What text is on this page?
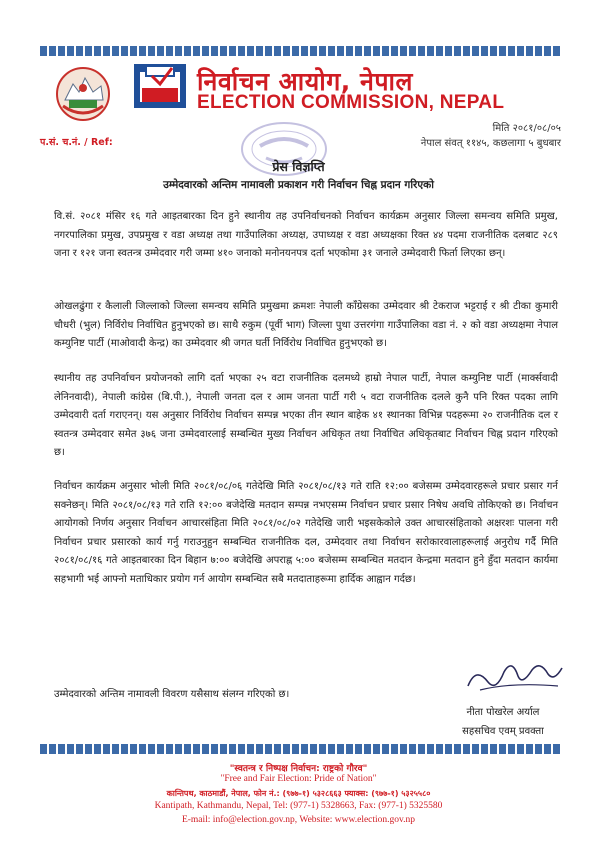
निर्वाचन आयोग, नेपाल
ELECTION COMMISSION, NEPAL
मिति २०८१/०८/०५
प.सं. च.नं. / Ref:	नेपाल संवत् ११४५, कछलागा ५ बुधबार
प्रेस विज्ञप्ति
उम्मेदवारको अन्तिम नामावली प्रकाशन गरी निर्वाचन चिह्न प्रदान गरिएको
वि.सं. २०८१ मंसिर १६ गते आइतबारका दिन हुने स्थानीय तह उपनिर्वाचनको निर्वाचन कार्यक्रम अनुसार जिल्ला समन्वय समिति प्रमुख, नगरपालिका प्रमुख, उपप्रमुख र वडा अध्यक्ष तथा गाउँपालिका अध्यक्ष, उपाध्यक्ष र वडा अध्यक्षका रिक्त ४४ पदमा राजनीतिक दलबाट २८९ जना र १२१ जना स्वतन्त्र उम्मेदवार गरी जम्मा ४१० जनाको मनोनयनपत्र दर्ता भएकोमा ३१ जनाले उम्मेदवारी फिर्ता लिएका छन्।
ओखलढुंगा र कैलाली जिल्लाको जिल्ला समन्वय समिति प्रमुखमा क्रमशः नेपाली काँग्रेसका उम्मेदवार श्री टेकराज भट्टराई र श्री टीका कुमारी चौधरी (भुल) निर्विरोध निर्वाचित हुनुभएको छ। साथै रुकुम (पूर्वी भाग) जिल्ला पुथा उत्तरगंगा गाउँपालिका वडा नं. २ को वडा अध्यक्षमा नेपाल कम्युनिष्ट पार्टी (माओवादी केन्द्र) का उम्मेदवार श्री जगत घर्ती निर्विरोध निर्वाचित हुनुभएको छ।
स्थानीय तह उपनिर्वाचन प्रयोजनको लागि दर्ता भएका २५ वटा राजनीतिक दलमध्ये हाम्रो नेपाल पार्टी, नेपाल कम्युनिष्ट पार्टी (मार्क्सवादी लेनिनवादी), नेपाली कांग्रेस (बि.पी.), नेपाली जनता दल र आम जनता पार्टी गरी ५ वटा राजनीतिक दलले कुनै पनि रिक्त पदका लागि उम्मेदवारी दर्ता गराएनन्। यस अनुसार निर्विरोध निर्वाचन सम्पन्न भएका तीन स्थान बाहेक ४१ स्थानका विभिन्न पदहरूमा २० राजनीतिक दल र स्वतन्त्र उम्मेदवार समेत ३७६ जना उम्मेदवारलाई सम्बन्धित मुख्य निर्वाचन अधिकृत तथा निर्वाचित अधिकृतबाट निर्वाचन चिह्न प्रदान गरिएको छ।
निर्वाचन कार्यक्रम अनुसार भोली मिति २०८१/०८/०६ गतेदेखि मिति २०८१/०८/१३ गते राति १२:०० बजेसम्म उम्मेदवारहरूले प्रचार प्रसार गर्न सक्नेछन्। मिति २०८१/०८/१३ गते राति १२:०० बजेदेखि मतदान सम्पन्न नभएसम्म निर्वाचन प्रचार प्रसार निषेध अवधि तोकिएको छ। निर्वाचन आयोगको निर्णय अनुसार निर्वाचन आचारसंहिता मिति २०८१/०८/०२ गतेदेखि जारी भइसकेकोले उक्त आचारसंहिताको अक्षरशः पालना गरी निर्वाचन प्रचार प्रसारको कार्य गर्नु गराउनुहुन सम्बन्धित राजनीतिक दल, उम्मेदवार तथा निर्वाचन सरोकारवालाहरूलाई अनुरोध गर्दै मिति २०८१/०८/१६ गते आइतबारका दिन बिहान ७:०० बजेदेखि अपराह्न ५:०० बजेसम्म सम्बन्धित मतदान केन्द्रमा मतदान हुने हुँदा मतदान कार्यमा सहभागी भई आफ्नो मताधिकार प्रयोग गर्न आयोग सम्बन्धित सबै मतदाताहरूमा हार्दिक आह्वान गर्दछ।
उम्मेदवारको अन्तिम नामावली विवरण यसैसाथ संलग्न गरिएको छ।
नीता पोखरेल अर्याल
सहसचिव एवम् प्रवक्ता
"स्वतन्त्र र निष्पक्ष निर्वाचन: राष्ट्रको गौरव"
"Free and Fair Election: Pride of Nation"
कान्तिपथ, काठमाडौं, नेपाल, फोन नं.: (९७७-१) ५३२८६६३ फ्याक्स: (९७७-१) ५३२५५८०
Kantipath, Kathmandu, Nepal, Tel: (977-1) 5328663, Fax: (977-1) 5325580
E-mail: info@election.gov.np, Website: www.election.gov.np
